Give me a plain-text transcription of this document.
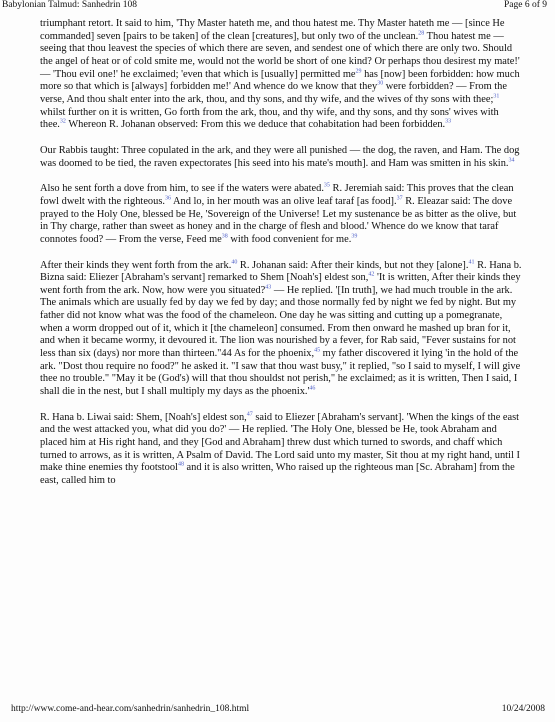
Babylonian Talmud: Sanhedrin 108	Page 6 of 9

triumphant retort. It said to him, 'Thy Master hateth me, and thou hatest me. Thy Master hateth me — [since He commanded] seven [pairs to be taken] of the clean [creatures], but only two of the unclean.$^{28}$ Thou hatest me — seeing that thou leavest the species of which there are seven, and sendest one of which there are only two. Should the angel of heat or of cold smite me, would not the world be short of one kind? Or perhaps thou desirest my mate!' — 'Thou evil one!' he exclaimed; 'even that which is [usually] permitted $me^{29}$ has [now] been forbidden: how much more so that which is [always] forbidden me!' And whence do we know that they$^{30}$ were forbidden? — From the verse, And thou shalt enter into the ark, thou, and thy sons, and thy wife, and the wives of thy sons with thee;$^{31}$ whilst further on it is written, Go forth from the ark, thou, and thy wife, and thy sons, and thy sons' wives with thee.$^{32}$ Whereon R. Johanan observed: From this we deduce that cohabitation had been forbidden.$^{33}$

Our Rabbis taught: Three copulated in the ark, and they were all punished — the dog, the raven, and Ham. The dog was doomed to be tied, the raven expectorates [his seed into his mate's mouth]. and Ham was smitten in his skin.$^{34}$

Also he sent forth a dove from him, to see if the waters were abated.$^{35}$ R. Jeremiah said: This proves that the clean fowl dwelt with the righteous.$^{36}$ And lo, in her mouth was an olive leaf taraf [as food].$^{37}$ R. Eleazar said: The dove prayed to the Holy One, blessed be He, 'Sovereign of the Universe! Let my sustenance be as bitter as the olive, but in Thy charge, rather than sweet as honey and in the charge of flesh and blood.' Whence do we know that taraf connotes food? — From the verse, Feed $me^{38}$ with food convenient for me.$^{39}$

After their kinds they went forth from the ark.$^{40}$ R. Johanan said: After their kinds, but not they [alone].$^{41}$ R. Hana b. Bizna said: Eliezer [Abraham's servant] remarked to Shem [Noah's] eldest son,$^{42}$ 'It is written, After their kinds they went forth from the ark. Now, how were you situated?$^{43}$ — He replied. '[In truth], we had much trouble in the ark. The animals which are usually fed by day we fed by day; and those normally fed by night we fed by night. But my father did not know what was the food of the chameleon. One day he was sitting and cutting up a pomegranate, when a worm dropped out of it, which it [the chameleon] consumed. From then onward he mashed up bran for it, and when it became wormy, it devoured it. The lion was nourished by a fever, for Rab said, "Fever sustains for not less than six (days) nor more than thirteen."44 As for the phoenix,$^{45}$ my father discovered it lying 'in the hold of the ark. "Dost thou require no food?" he asked it. "I saw that thou wast busy," it replied, "so I said to myself, I will give thee no trouble." "May it be (God's) will that thou shouldst not perish," he exclaimed; as it is written, Then I said, I shall die in the nest, but I shall multiply my days as the $phoenix.'^{46}$

R. Hana b. Liwai said: Shem, [Noah's] eldest son,$^{47}$ said to Eliezer [Abraham's servant]. 'When the kings of the east and the west attacked you, what did you do?' — He replied. 'The Holy One, blessed be He, took Abraham and placed him at His right hand, and they [God and Abraham] threw dust which turned to swords, and chaff which turned to arrows, as it is written, A Psalm of David. The Lord said unto my master, Sit thou at my right hand, until I make thine enemies thy footstool$^{48}$ and it is also written, Who raised up the righteous man [Sc. Abraham] from the east, called him to

http://www.come-and-hear.com/sanhedrin/sanhedrin_108.html	10/24/2008
